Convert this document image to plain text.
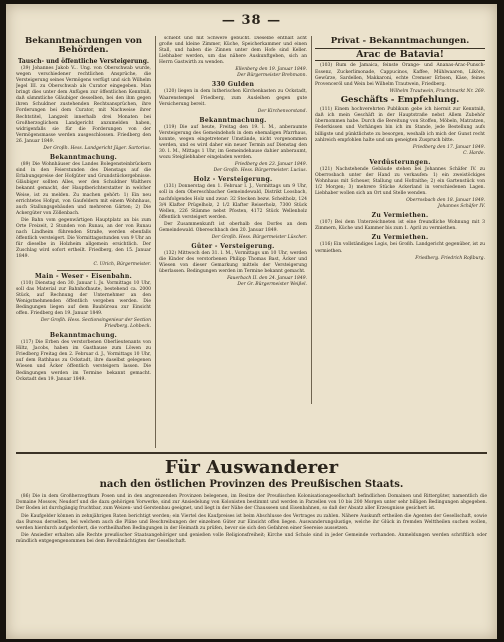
— 38 —
Bekanntmachungen von Behörden.
Tausch- und öffentliche Versteigerung.

(39) Johannes Jakob V... Ung. von Oberschwab wurde, wegen verschiedener rechtlichen Ansprüche, die Versteigerung seines Vermögens verfügt und sich Wilhelm Jegel III. zu Oberschwab als Curator eingegeben. Man bringt dies unter dem Anfügen zur öffentlichen Kenntniß, daß sämmtliche Gläubiger desselben, bei den ihm gegen ihren Schuldner zustehenden Rechtsansprüchen, ihre Forderungen bei dem Curator, mit Nachweise ihrer Rechtstitel, Langzeit innerhalb drei Monaten bei Großherzoglichem Landgericht anzumelden haben, widrigenfalls sie für die Forderungen von der Vermögensmasse werden ausgeschlossen. Friedberg den 26. Januar 1849.

Der Großh. Hess. Landgericht Jäger. Sartorius.
Bekanntmachung.

(89) Die Wohnhäuser des Landes Bolegensteinbrückern sind in den Feierstunden des Dienstags auf die Erlabungspreise der Hofgüter und Grundstückergebnisse. Gläubiger sollten Alles, wer den Schuldner Walthers bekannt gemacht, der Hauptberichterstatter in welcher Weise, ist zu melden. Zu machen gehört: 1) Ein neu errichtetes Hofgut, von Gaufeldern mit einem Wohnhaus, auch Stallungsgebäuden und mehreren Gärten; 2) Die Ackergüter von Zöllenbach.

Die Bahn vom gegenwärtigen Hauptplatz an bis zum Orte Freizeit, 2 Stunden von Runau, an der von Runau nach Lindheim führenden Straße, werden ebenfalls öffentlich versteigert. Die Vormittagsstunden von 9 Uhr an für dieselbe in Holzheim allgemein ersichtlich. Der Zuschlag wird sofort ertheilt. Friedberg, den 15. Januar 1849.

C. Ulrich, Bürgermeister.
Main - Weser - Eisenbahn.

(110) Dienstag den 30. Januar l. Js. Vormittags 10 Uhr, soll das Material zur Bahnhofbaute, bestehend ca. 2000 Stück, auf Rechnung der Unternehmer an den Wenigstnehmenden öffentlich vergeben werden. Die Bedingungen liegen auf dem Baubüreau zur Einsicht offen. Friedberg den 19. Januar 1849.

Der Großh. Hess. Sectionsingenieur der Section Friedberg. Lohbeck.
Bekanntmachung.

(117) Die Erben des verstorbenen Oberlieutenants von Hiltz, Jacobs, haben im Gasthause zum Löwen zu Friedberg Freitag den 2. Februar d. J., Vormittags 10 Uhr, auf dem Rathhaus zu Ockstadt, ihre daselbst gelegenen Wiesen und Äcker öffentlich versteigern lassen. Die Bedingungen werden im Termine bekannt gemacht. Ockstadt den 19. Januar 1849.

schiebt und mit Schwere gebucht. Dieselbe enthält acht große und kleine Zimmer, Küche, Speicherkammer und einen Stall, und haben die Zinnen unter dem Hofe sind Keller. Liebhaber werden, um das nähere Auskunftgeben, sich an Herrn Gastwirth zu wenden.

Ellenberg den 19. Januar 1849.
Der Bürgermeister Brehmann.
330 Gulden

(120) liegen in dem lutherischen Kirchenkasten zu Ockstadt, Waarenstempel Friedberg, zum Ausleihen gegen gute Versicherung bereit.

Der Kirchenvorstand.
Bekanntmachung.

(119) Die auf heute, Freitag den 19. l. M., anberaumte Versteigerung des Gemeindehofs in dem ehemaligen Pfarrhaus, konnte, wegen eingetretener Umstände, nicht vorgenommen werden, und es wird daher ein neuer Termin auf Dienstag den 30. l. M., Mittags 1 Uhr, im Gemeindehause dahier anberaumt, wozu Steigliebhaber eingeladen werden.

Friedberg den 23. Januar 1849.
Der Großh. Hess. Bürgermeister. Lucius.
Holz - Versteigerung.

(131) Donnerstag den 1. Februar l. J., Vormittags um 9 Uhr, soll in dem Obereschbacher Gemeindewald, Distrikt Loosbach, nachfolgendes Holz und zwar: 32 Stecken bezw. Scheitholz, 124 3/4 Klafter Prügelholz, 2 1/2 Klafter Reiserholz, 7300 Stück Wellen, 226 Stämme nebst Pfosten, 4172 Stück Wellenholz öffentlich versteigert werden.

Der Zusammenkunft ist oberhalb des Dorfes an dem Gemeindewald. Obereschbach den 20. Januar 1849.

Der Großh. Hess. Bürgermeister Lüscher.
Güter - Versteigerung.

(132) Mittwoch den 31. l. M., Vormittags um 10 Uhr, werden die Kinder des verstorbenen Philipp Thomas Bast, Äcker und Wiesen von dieser Gemarkung mittels der Versteigerung überlassen. Bedingungen werden im Termine bekannt gemacht.

Fauerbach II. den 24. Januar 1849.
Der Gr. Bürgermeister Weißel.
Privat - Bekanntmachungen.
Arac de Batavia!

(103) Rum de Jamaica, feinste Orange- und Ananas-Arac-Punsch-Essenz, Zuckerlimonade, Cappucinos, Kaffee, Mühlwaaren, Liköre, Gewürze, Sardellen, Makkaroni, echte Cremser Erbsen, Käse, feines Provenceröl und Wein bei Wilhelm Trautwein, Friedberg.

Wilhelm Trautwein, Fruchtmarkt Nr. 269.
Geschäfts - Empfehlung.

(111) Einem hochverehrten Publikum gebe ich hiermit zur Kenntniß, daß ich mein Geschäft in der Hauptstraße nebst Allem Zubehör übernommen habe. Durch die Bereitung von Stoffen, Möbeln, Matratzen, Federkissen und Vorhängen bin ich im Stande, jede Bestellung aufs billigste und pünktlichste zu besorgen, weshalb ich mich der Gunst recht zahlreich empfohlen halte und um geneigten Zuspruch bitte.

Friedberg den 17. Januar 1849.
C. Harde.
Verdüsterungen.

(121) Nachstehende Gebäude stehen bei Johannes Schäfer IV. zu Oberrosbach unter der Hand zu verkaufen: 1) ein zweistöckiges Wohnhaus mit Scheuer, Stallung und Hofraithe; 2) ein Gartenstück von 1/2 Morgen; 3) mehrere Stücke Ackerland in verschiedenen Lagen. Liebhaber wollen sich an Ort und Stelle wenden.

Oberrosbach den 18. Januar 1849.
Johannes Schäfer IV.
Zu Vermiethen.

(107) Bei dem Unterzeichneten ist eine freundliche Wohnung mit 3 Zimmern, Küche und Kammer bis zum 1. April zu vermiethen.

Zu Vermiethen.

(116) Ein vollständiges Logis, bei Großh. Landgericht gegenüber, ist zu vermiethen.

Friedberg. Friedrich Roßburg.
Für Auswanderer
nach den östlichen Provinzen des Preußischen Staats.

(86) Die in dem Großherzogthum Posen und in den angrenzenden Provinzen belegenen, im Besitze der Preußischen Kolonisationsgesellschaft befindlichen Domainen und Rittergüter, namentlich die Domaine Mossow, Neudorf und die dazu gehörigen Vorwerke, sind zur Ansiedelung von Kolonisten bestimmt und werden in Parzellen von 10 bis 200 Morgen unter sehr billigen Bedingungen abgegeben. Der Boden ist durchgängig fruchtbar, zum Weizen- und Gerstenbau geeignet, und liegt in der Nähe der Chausseen und Eisenbahnen, so daß der Absatz aller Erzeugnisse gesichert ist.

Die Kaufgelder können in zehnjährigen Raten berichtigt werden; ein Viertel des Kaufpreises ist beim Abschlusse des Vertrages zu zahlen. Nähere Auskunft ertheilen die Agenten der Gesellschaft, sowie das Bureau derselben, bei welchem auch die Pläne und Beschreibungen der einzelnen Güter zur Einsicht offen liegen. Auswanderungslustige, welche ihr Glück in fremden Welttheilen suchen wollen, werden hierdurch aufgefordert, die vortheilhaften Bedingungen in der Heimath zu prüfen, bevor sie sich den Gefahren einer Seereise aussetzen.

Die Ansiedler erhalten alle Rechte preußischer Staatsangehöriger und genießen volle Religionsfreiheit; Kirche und Schule sind in jeder Gemeinde vorhanden. Anmeldungen werden schriftlich oder mündlich entgegengenommen bei dem Bevollmächtigten der Gesellschaft.
